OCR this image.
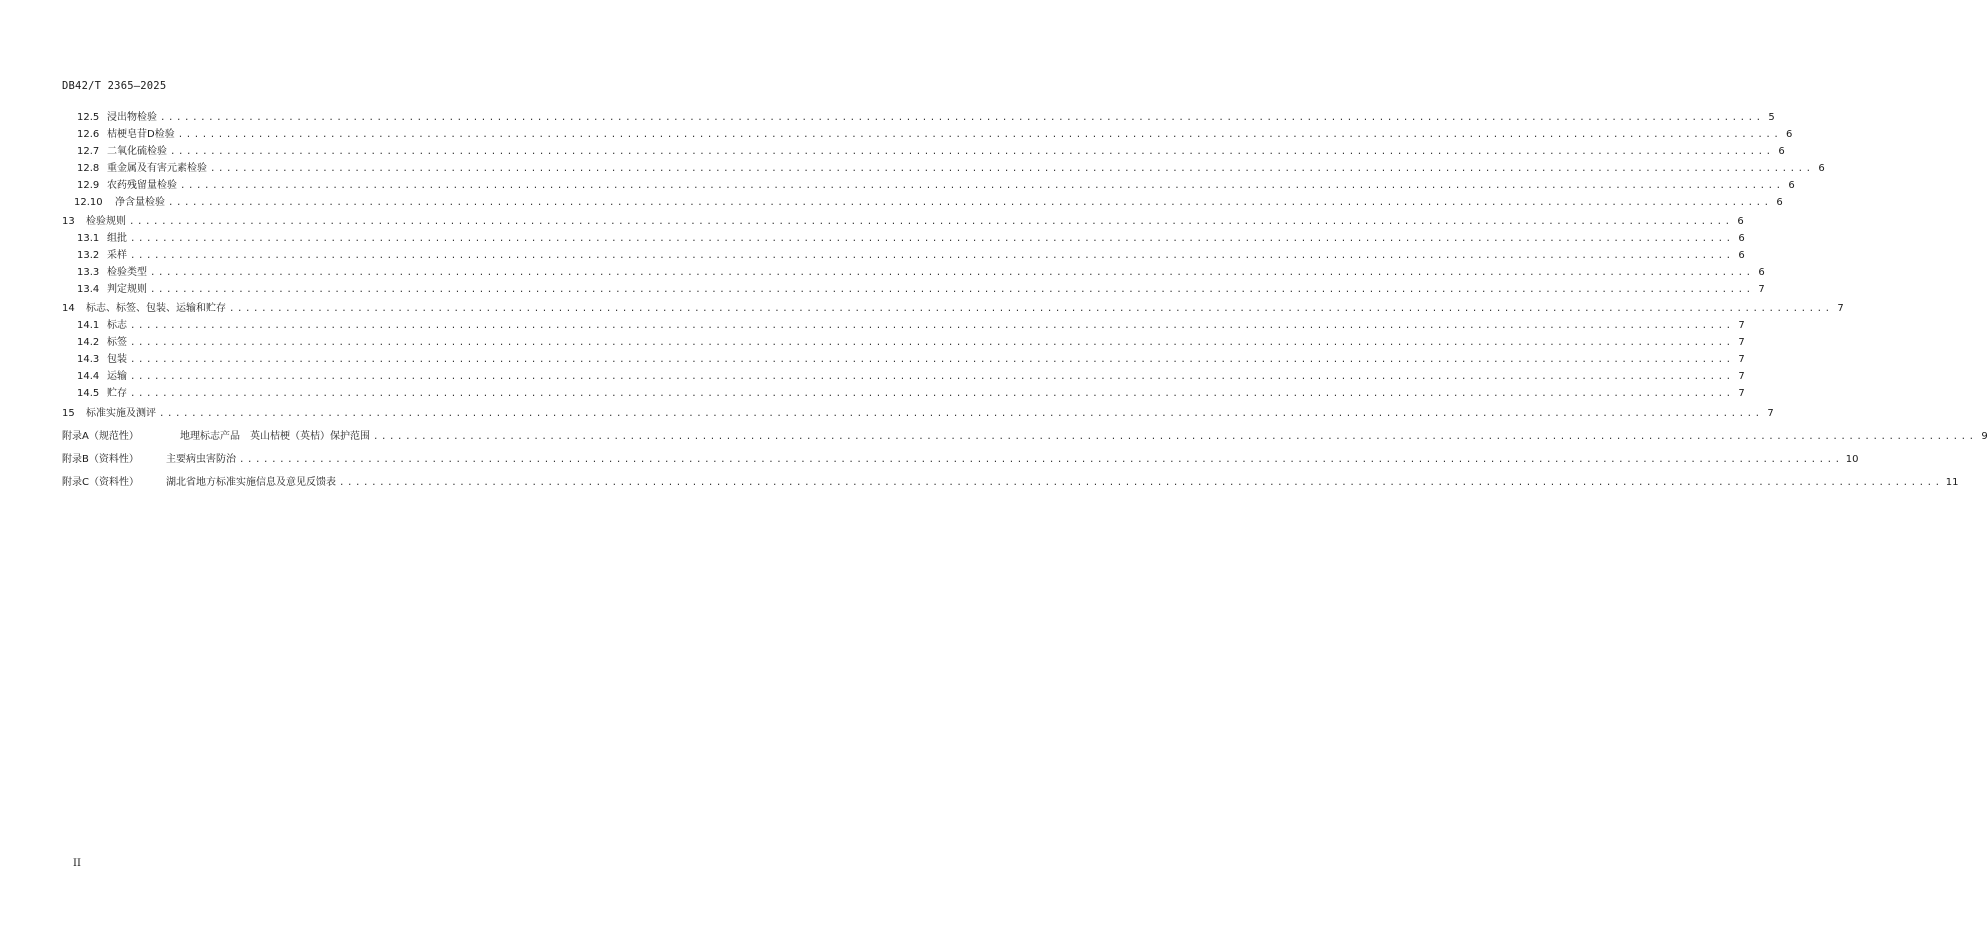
DB42/T 2365—2025
12.5 浸出物检验 ........................................................................................................................................................................................................ 5
12.6 桔梗皂苷D检验 ........................................................................................................................................................................................................ 6
12.7 二氧化硫检验 ........................................................................................................................................................................................................ 6
12.8 重金属及有害元素检验 ........................................................................................................................................................................................................ 6
12.9 农药残留量检验 ........................................................................................................................................................................................................ 6
12.10	净含量检验 ........................................................................................................................................................................................................ 6
13	检验规则 ........................................................................................................................................................................................................ 6
13.1 组批 ........................................................................................................................................................................................................ 6
13.2 采样 ........................................................................................................................................................................................................ 6
13.3 检验类型 ........................................................................................................................................................................................................ 6
13.4 判定规则 ........................................................................................................................................................................................................ 7
14	标志、标签、包装、运输和贮存 ........................................................................................................................................................................................................ 7
14.1 标志 ........................................................................................................................................................................................................ 7
14.2 标签 ........................................................................................................................................................................................................ 7
14.3 包装 ........................................................................................................................................................................................................ 7
14.4 运输 ........................................................................................................................................................................................................ 7
14.5 贮存 ........................................................................................................................................................................................................ 7
15	标准实施及测评 ........................................................................................................................................................................................................ 7
附录A（规范性）	地理标志产品　英山桔梗（英桔）保护范围 ........................................................................................................................................................................................................ 9
附录B（资料性）	主要病虫害防治 ........................................................................................................................................................................................................ 10
附录C（资料性）	湖北省地方标准实施信息及意见反馈表 ........................................................................................................................................................................................................ 11
II
